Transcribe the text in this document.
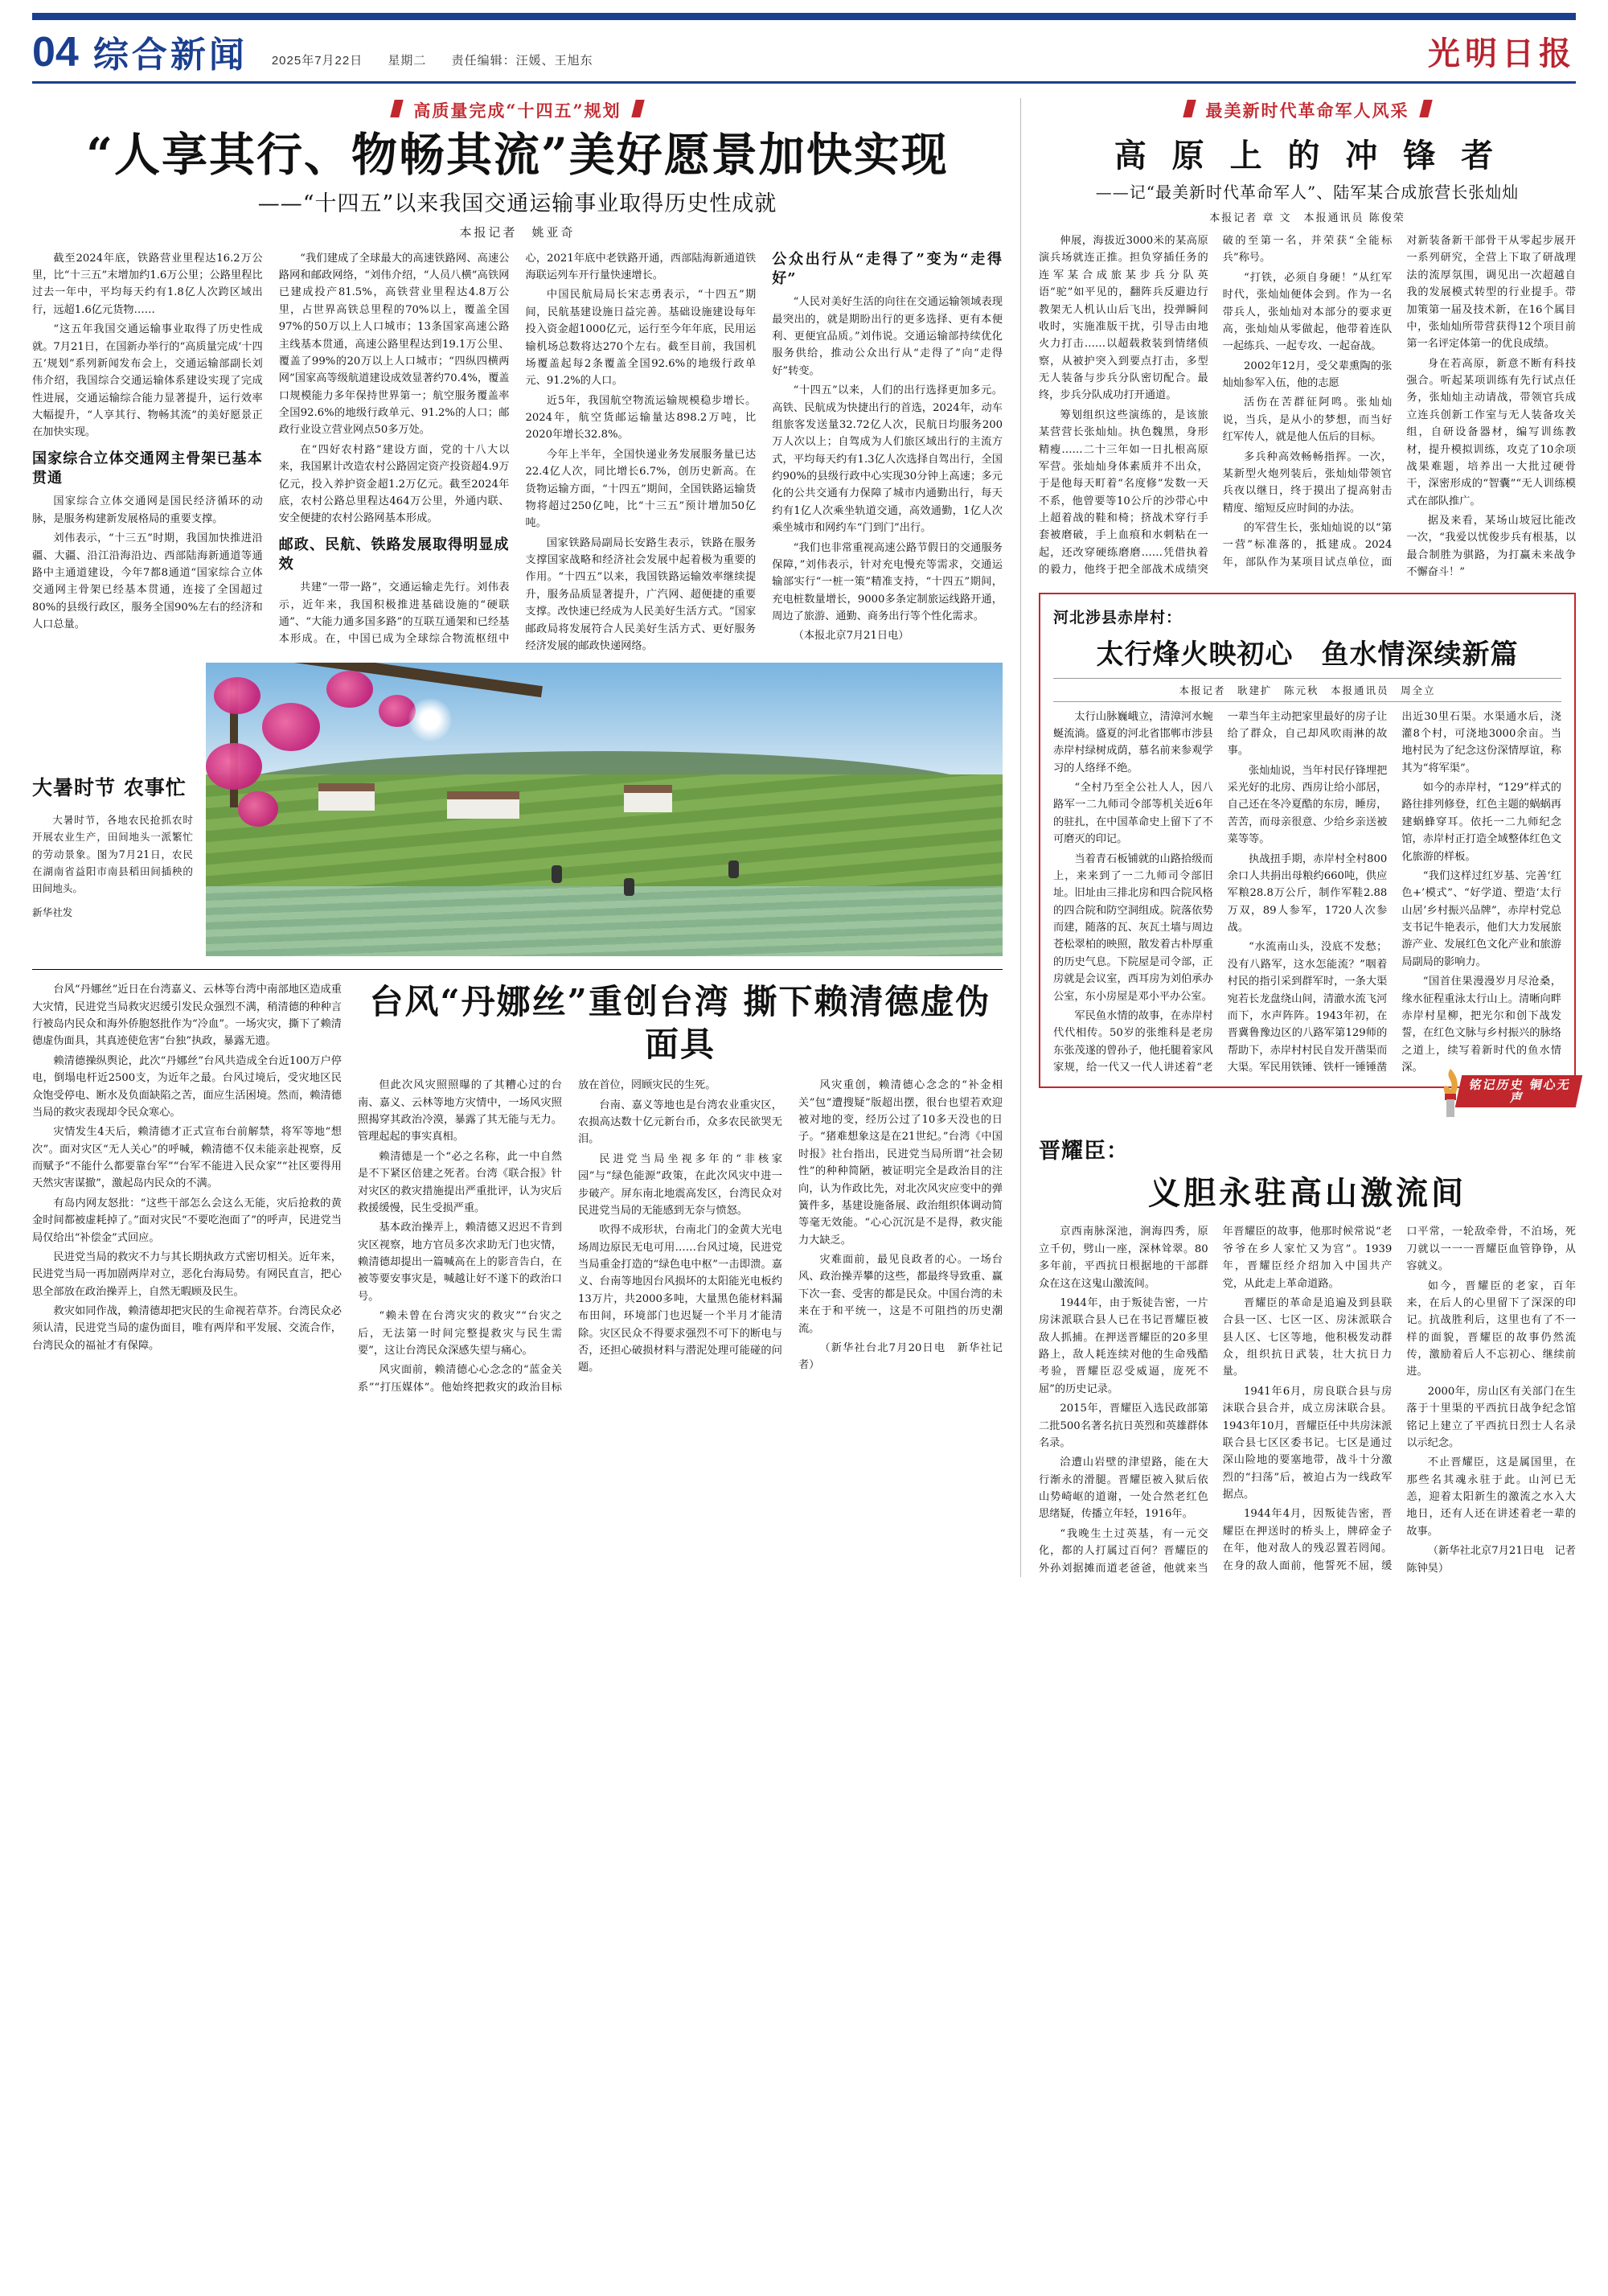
04 综合新闻 2025年7月22日 星期二 责任编辑：汪媛、王旭东	光明日报
高质量完成“十四五”规划
“人享其行、物畅其流”美好愿景加快实现
——“十四五”以来我国交通运输事业取得历史性成就
本报记者　姚亚奇

截至2024年底，铁路营业里程达16.2万公里，比“十三五”末增加约1.6万公里；公路里程比过去一年中，平均每天约有1.8亿人次跨区域出行，远超1.6亿元货物……

“这五年我国交通运输事业取得了历史性成就。7月21日，在国新办举行的“高质量完成‘十四五’规划”系列新闻发布会上，交通运输部副长刘伟介绍，我国综合交通运输体系建设实现了完成性进展，交通运输综合能力显著提升，运行效率大幅提升，“人享其行、物畅其流”的美好愿景正在加快实现。

国家综合立体交通网主骨架已基本贯通

国家综合立体交通网是国民经济循环的动脉，是服务构建新发展格局的重要支撑。

刘伟表示，“十三五”时期，我国加快推进沿疆、大疆、沿江沿海沿边、西部陆海新通道等通路中主通道建设，今年7都8通道“国家综合立体交通网主骨架已经基本贯通，连接了全国超过80%的县级行政区，服务全国90%左右的经济和人口总量。

“我们建成了全球最大的高速铁路网、高速公路网和邮政网络，“刘伟介绍，“人员八横”高铁网已建成投产81.5%，高铁营业里程达4.8万公里，占世界高铁总里程的70%以上，覆盖全国97%的50万以上人口城市；13条国家高速公路主线基本贯通，高速公路里程达到19.1万公里、覆盖了99%的20万以上人口城市；“四纵四横两网”国家高等级航道建设成效显著约70.4%，覆盖口规模能力多年保持世界第一；航空服务覆盖率全国92.6%的地级行政单元、91.2%的人口；邮政行业设立营业网点50多万处。

在“四好农村路”建设方面，党的十八大以来，我国累计改造农村公路固定资产投资超4.9万亿元，投入养护资金超1.2万亿元。截至2024年底，农村公路总里程达464万公里，外通内联、安全便捷的农村公路网基本形成。

邮政、民航、铁路发展取得明显成效

共建“一带一路”，交通运输走先行。刘伟表示，近年来，我国积极推进基础设施的“硬联通”、“大能力通多国多路”的互联互通架和已经基本形成。在，中国已成为全球综合物流枢纽中心，2021年底中老铁路开通，西部陆海新通道铁海联运列车开行量快速增长。

中国民航局局长宋志勇表示，“十四五”期间，民航基建设施日益完善。基础设施建设每年投入资金超1000亿元，运行至今年年底，民用运输机场总数将达270个左右。截至目前，我国机场覆盖起每2条覆盖全国92.6%的地级行政单元、91.2%的人口。

近5年，我国航空物流运输规模稳步增长。2024年，航空货邮运输量达898.2万吨，比2020年增长32.8%。

今年上半年，全国快递业务发展服务量已达22.4亿人次，同比增长6.7%，创历史新高。在货物运输方面，“十四五”期间，全国铁路运输货物将超过250亿吨，比“十三五”预计增加50亿吨。

国家铁路局副局长安路生表示，铁路在服务支撑国家战略和经济社会发展中起着极为重要的作用。“十四五”以来，我国铁路运输效率继续提升，服务品质显著提升，广汽网、超便捷的重要支撑。改快速已经成为人民美好生活方式。“国家邮政局将发展符合人民美好生活方式、更好服务经济发展的邮政快递网络。

公众出行从“走得了”变为“走得好”

“人民对美好生活的向往在交通运输领域表现最突出的，就是期盼出行的更多选择、更有本便利、更便宜品质。”刘伟说。交通运输部持续优化服务供给，推动公众出行从“走得了”向“走得好”转变。

“十四五”以来，人们的出行选择更加多元。高铁、民航成为快捷出行的首选，2024年，动车组旅客发送量32.72亿人次，民航日均服务200万人次以上；自驾成为人们旅区域出行的主流方式，平均每天约有1.3亿人次选择自驾出行，全国约90%的县级行政中心实现30分钟上高速；多元化的公共交通有力保障了城市内通勤出行，每天约有1亿人次乘坐轨道交通，高效通勤，1亿人次乘坐城市和网约车“门到门”出行。

“我们也非常重视高速公路节假日的交通服务保障，”刘伟表示，针对充电慢充等需求，交通运输部实行“一桩一策”精准支持，“十四五”期间，充电桩数量增长，9000多条定制旅运线路开通，周边了旅游、通勤、商务出行等个性化需求。

（本报北京7月21日电）

大暑时节 农事忙

大暑时节，各地农民抢抓农时开展农业生产，田间地头一派繁忙的劳动景象。图为7月21日，农民在湖南省益阳市南县稻田间插秧的田间地头。

新华社发

台风“丹娜丝”近日在台湾嘉义、云林等台湾中南部地区造成重大灾情，民进党当局救灾迟缓引发民众强烈不满，稍清德的种种言行被岛内民众和海外侨胞怒批作为“冷血”。一场灾灾，撕下了赖清德虚伪面具，其真迹使危害“台独”执政，暴露无遗。

赖清德操纵舆论，此次“丹娜丝”台风共造成全台近100万户停电，倒塌电杆近2500支，为近年之最。台风过境后，受灾地区民众饱受停电、断水及负面缺陷之苦，面应生活困境。然而，赖清德当局的救灾表现却令民众寒心。

灾情发生4天后，赖清德才正式宣布台前解禁，将军等地“想次”。面对灾区“无人关心”的呼喊，赖清德不仅未能亲赴视察，反而赋予“不能什么都要靠台军”“台军不能进入民众家”“社区要得用天然灾害谋撤”，激起岛内民众的不满。

有岛内网友怒批：“这些干部怎么会这么无能，灾后抢救的黄金时间都被虚耗掉了。”面对灾民“不要吃泡面了”的呼声，民进党当局仅给出“补偿金”式回应。

民进党当局的救灾不力与其长期执政方式密切相关。近年来，民进党当局一再加剧两岸对立，恶化台海局势。有网民直言，把心思全部放在政治操弄上，自然无暇顾及民生。

救灾如同作战，赖清德却把灾民的生命视若草芥。台湾民众必须认清，民进党当局的虚伪面目，唯有两岸和平发展、交流合作，台湾民众的福祉才有保障。

台风“丹娜丝”重创台湾 撕下赖清德虚伪面具

但此次风灾照照曝的了其糟心过的台南、嘉义、云林等地方灾情中，一场风灾照照揭穿其政治冷漠，暴露了其无能与无力。管理起起的事实真相。

赖清德是一个“必之名称，此一中自然是不下紧区倍建之死者。台湾《联合报》针对灾区的救灾措施提出严重批评，认为灾后救援缓慢，民生受损严重。

基本政治操弄上，赖清德又迟迟不肯到灾区视察，地方官员多次求助无门也灾情，赖清德却提出一篇喊高在上的影音告白，在被等要安事灾是，喊越让好不遂下的政治口号。

“赖未曾在台湾灾灾的救灾”“台灾之后，无法第一时间完整提救灾与民生需要”，这让台湾民众深感失望与痛心。

风灾面前，赖清德心心念念的“蓝金关系”“打压媒体”。他始终把救灾的政治目标放在首位，罔顾灾民的生死。

台南、嘉义等地也是台湾农业重灾区，农损高达数十亿元新台币，众多农民欲哭无泪。

民进党当局坐视多年的“非核家园”与“绿色能源”政策，在此次风灾中进一步破产。屏东南北地震高发区，台湾民众对民进党当局的无能感到无奈与愤怒。

吹得不成形状，台南北门的金黄大光电场周边原民无电可用……台风过境，民进党当局重金打造的“绿色电中枢”一击即溃。嘉义、台南等地因台风损坏的太阳能光电板约13万片，共2000多吨，大量黑色能材料漏布田间，环境部门也迟疑一个半月才能清除。灾区民众不得要求强烈不可下的断电与否，还担心破损材料与潜泥处理可能碰的问题。

风灾重创，赖清德心念念的“补金相关”包“遭搜疑”版超出摆，很台也望若欢迎被对地的变，经历公过了10多天没也的日子。“猪难想象这是在21世纪。”台湾《中国时报》社台指出，民进党当局所谓“社会韧性”的种种简陋，被证明完全是政治目的注向，认为作政比先，对北次风灾应变中的弹簧件多，基建设施备展、政治组织体调动简等毫无效能。“心心沉沉是不是得，救灾能力大缺乏。

灾难面前，最见良政者的心。一场台风、政治操弄攀的这些，都最终导致重、赢下次一套、受害的都是民众。中国台湾的未来在于和平统一，这是不可阻挡的历史潮流。

（新华社台北7月20日电　新华社记者）

最美新时代革命军人风采
高 原 上 的 冲 锋 者
——记“最美新时代革命军人”、陆军某合成旅营长张灿灿
本报记者 章 文　本报通讯员 陈俊荣

伸展，海拔近3000米的某高原演兵场就连正推。担负穿插任务的连军某合成旅某步兵分队英语“驼”如平见的，翻阵兵反避边行教架无人机认山后飞出，投弹瞬间收时，实施准版干扰，引导击由地火力打击……以超载救装到情绪侦察，从被护突入到要点打击，多型无人装备与步兵分队密切配合。最终，步兵分队成功打开通道。

筹划组织这些演练的，是该旅某营营长张灿灿。执色魏黑，身形精瘦……二十三年如一日扎根高原军营。张灿灿身体素质并不出众，于是他每天町着“名度修”发数一天不系，他曾要等10公斤的沙带心中上超着战的鞋和椅；挤战术穿行手套被磨破，手上血痕和水刺粘在一起，还改穿硬练磨磨……凭借执着的毅力，他终于把全部战术成绩突破的至第一名，并荣获“全能标兵”称号。

“打铁，必须自身硬！”从红军时代，张灿灿便体会到。作为一名带兵人，张灿灿对本部分的要求更高，张灿灿从零做起，他带着连队一起练兵、一起专攻、一起奋战。

2002年12月，受父辈熏陶的张灿灿参军入伍，他的志愿

活伤在苦群征阿鸣。张灿灿说，当兵，是从小的梦想，而当好红军传人，就是他人伍后的目标。

多兵种高效畅畅指挥。一次，某新型火炮列装后，张灿灿带领官兵夜以继日，终于摸出了提高射击精度、缩短反应时间的办法。

的军营生长，张灿灿说的以“第一营”标准落的，抵建成。2024年，部队作为某项目试点单位，面对新装备新干部骨干从零起步展开一系列研究，全营上下取了研战理法的流厚氛围，调见出一次超越自我的发展模式转型的行业提手。带加策第一届及技术新，在16个属目中，张灿灿所带营获得12个项目前第一名评定体第一的优良成绩。

身在若高原，新意不断有科技强合。听起某项训练有先行试点任务，张灿灿主动请战，带领官兵成立连兵创新工作室与无人装备攻关组，自研设备器材，编写训练教材，提升模拟训练，攻克了10余项战果难题，培养出一大批过硬骨干，深密形成的“智囊”“无人训练模式在部队推广。

据及来看，某场山坡冠比能改一次，“我爱以忧俊步兵有根基，以最合制胜为骐路，为打赢未来战争不懈奋斗！”

河北涉县赤岸村：
太行烽火映初心　鱼水情深续新篇
本报记者　耿建扩　陈元秋　本报通讯员　周全立

太行山脉巍峨立，清漳河水蜿蜒流淌。盛夏的河北省邯郸市涉县赤岸村绿树成荫，慕名前来参观学习的人络绎不绝。

“全村乃至全公社人人，因八路军一二九师司令部等机关近6年的驻扎，在中国革命史上留下了不可磨灭的印记。

当着青石板铺就的山路拾级而上，来来到了一二九师司令部旧址。旧址由三排北房和四合院风格的四合院和防空洞组成。院落依势而建，随落的瓦、灰瓦土墙与周边苍松翠柏的映照，散发着古朴厚重的历史气息。下院屋是司令部，正房就是会议室，西耳房为刘伯承办公室，东小房屋是邓小平办公室。

军民鱼水情的故事，在赤岸村代代相传。50岁的张维科是老房东张茂遂的曾孙子，他托腿着家风家规，给一代又一代人讲述着“老一辈当年主动把家里最好的房子让给了群众，自己却风吹雨淋的故事。

张灿灿说，当年村民仔锋埋把采光好的北房、西房让给小部居，自己还在冬冷夏酷的东房，睡房，苦苦，而母亲很意、少给乡亲送被菜等等。

执战扭手期，赤岸村全村800余口人共捐出母粮约660吨，供应军粮28.8万公斤，制作军鞋2.88万双，89人参军，1720人次参战。

“水流南山头，没底不发愁；没有八路军，这水怎能流？”咽着村民的指引采到群军时，一条大渠宛若长龙盘绕山间，清澈水流飞河而下，水声阵阵。1943年初，在晋冀鲁豫边区的八路军第129师的帮助下，赤岸村村民自发开凿渠而大渠。军民用铁锤、铁杆一锤锤凿出近30里石渠。水渠通水后，浇灌8个村，可浇地3000余亩。当地村民为了纪念这份深情厚谊，称其为“将军渠”。

如今的赤岸村，“129”样式的路往排列修登，红色主题的蜗蜗再建蜗蜂穿耳。依托一二九师纪念馆，赤岸村正打造全域整体红色文化旅游的样板。

“我们这样过红岁基、完善‘红色+’模式”、“好学道、塑造‘太行山居’乡村振兴品牌”，赤岸村党总支书记牛艳表示，他们大力发展旅游产业、发展红色文化产业和旅游局副局的影响力。

“国首住果漫漫岁月尽沧桑，缘水征程重泳太行山上。清晰向畔赤岸村星柳，把光尔和创下战发誓，在红色文脉与乡村振兴的脉络之道上，续写着新时代的鱼水情深。

铭记历史 铜心无声
晋耀臣：
义胆永驻高山激流间

京西南脉深池，涧海四秀，原立千仞，劈山一座，深林耸翠。80多年前，平西抗日根据地的干部群众在这在这鬼山激流间。

1944年，由于叛徒告密，一片房沫派联合县人已在书记晋耀臣被敌人抓捕。在押送晋耀臣的20多里路上，敌人耗连续对他的生命残酷考验，晋耀臣忍受威逼，庞死不屈”的历史记录。

2015年，晋耀臣入选民政部第二批500名著名抗日英烈和英雄群体名录。

洽遭山岩壁的津望路，能在大行渐永的滑腿。晋耀臣被入狱后依山势崎岖的道谢，一处合然老红色思绪疑，传播立年轻，1916年。

“我晚生土过英基，有一元交化，都的人打属过百何？晋耀臣的外孙刘据摊而道老爸爸，他就来当年晋耀臣的故事，他那时候常说“老爷爷在乡人家忙又为宫”。1939年，晋耀臣经介绍加入中国共产党，从此走上革命道路。

晋耀臣的革命是追遍及到县联合县一区、七区一区、房沫派联合县人区、七区等地，他积极发动群众，组织抗日武装，壮大抗日力量。

1941年6月，房良联合县与房沫联合县合并，成立房沫联合县。1943年10月，晋耀臣任中共房沫派联合县七区区委书记。七区是通过深山险地的要塞地带，战斗十分激烈的“扫荡”后，被迫占为一线政军据点。

1944年4月，因叛徒告密，晋耀臣在押送时的桥头上，牌碎金子在年，他对敌人的残忍置若罔闻。在身的敌人面前，他誓死不屈，缓口平常，一轮敌牵骨，不泊场，死刀就以一一一晋耀臣血管铮铮，从容就义。

如今，晋耀臣的老家，百年来，在后人的心里留下了深深的印记。抗战胜利后，这里也有了不一样的面貌，晋耀臣的故事仍然流传，激励着后人不忘初心、继续前进。

2000年，房山区有关部门在生落于十里渠的平西抗日战争纪念馆铭记上建立了平西抗日烈士人名录以示纪念。

不止晋耀臣，这是属国里，在那些名其魂永驻于此。山河已无恙，迎着太阳新生的激流之水入大地日，还有人还在讲述着老一辈的故事。

（新华社北京7月21日电　记者陈钟昊）
